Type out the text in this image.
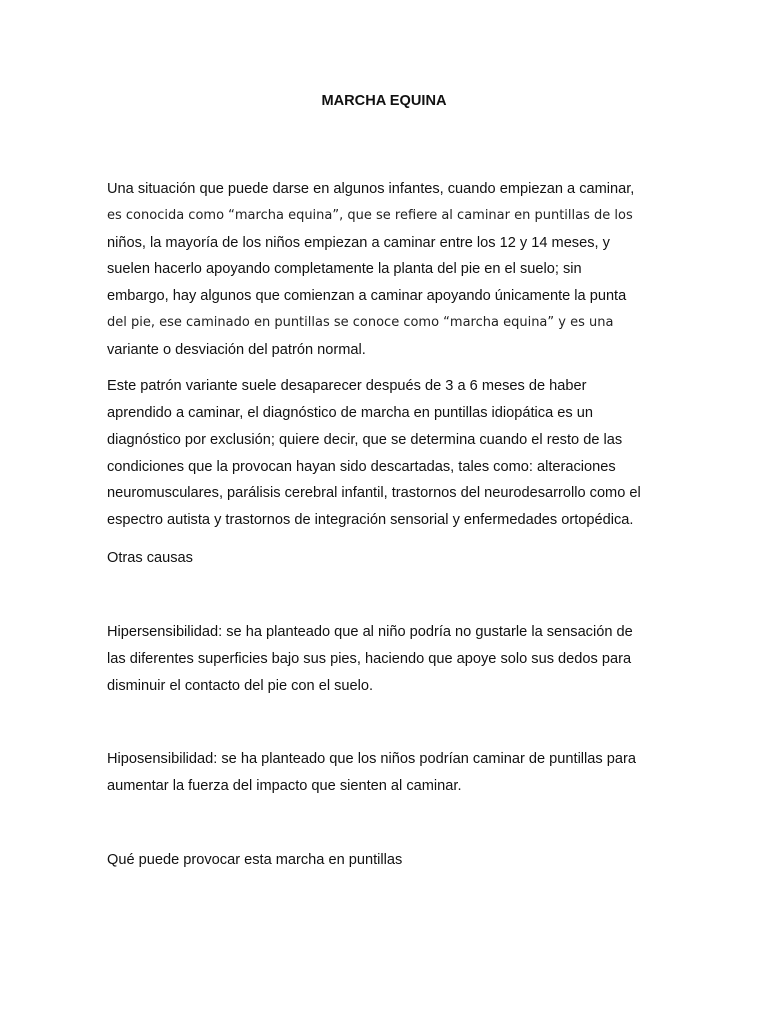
MARCHA EQUINA

Una situación que puede darse en algunos infantes, cuando empiezan a caminar,

es conocida como “marcha equina”, que se refiere al caminar en puntillas de los

niños, la mayoría de los niños empiezan a caminar entre los 12 y 14 meses, y

suelen hacerlo apoyando completamente la planta del pie en el suelo; sin

embargo, hay algunos que comienzan a caminar apoyando únicamente la punta

del pie, ese caminado en puntillas se conoce como “marcha equina” y es una

variante o desviación del patrón normal.

Este patrón variante suele desaparecer después de 3 a 6 meses de haber

aprendido a caminar, el diagnóstico de marcha en puntillas idiopática es un

diagnóstico por exclusión; quiere decir, que se determina cuando el resto de las

condiciones que la provocan hayan sido descartadas, tales como: alteraciones

neuromusculares, parálisis cerebral infantil, trastornos del neurodesarrollo como el

espectro autista y trastornos de integración sensorial y enfermedades ortopédica.

Otras causas

Hipersensibilidad: se ha planteado que al niño podría no gustarle la sensación de

las diferentes superficies bajo sus pies, haciendo que apoye solo sus dedos para

disminuir el contacto del pie con el suelo.

Hiposensibilidad: se ha planteado que los niños podrían caminar de puntillas para

aumentar la fuerza del impacto que sienten al caminar.

Qué puede provocar esta marcha en puntillas
